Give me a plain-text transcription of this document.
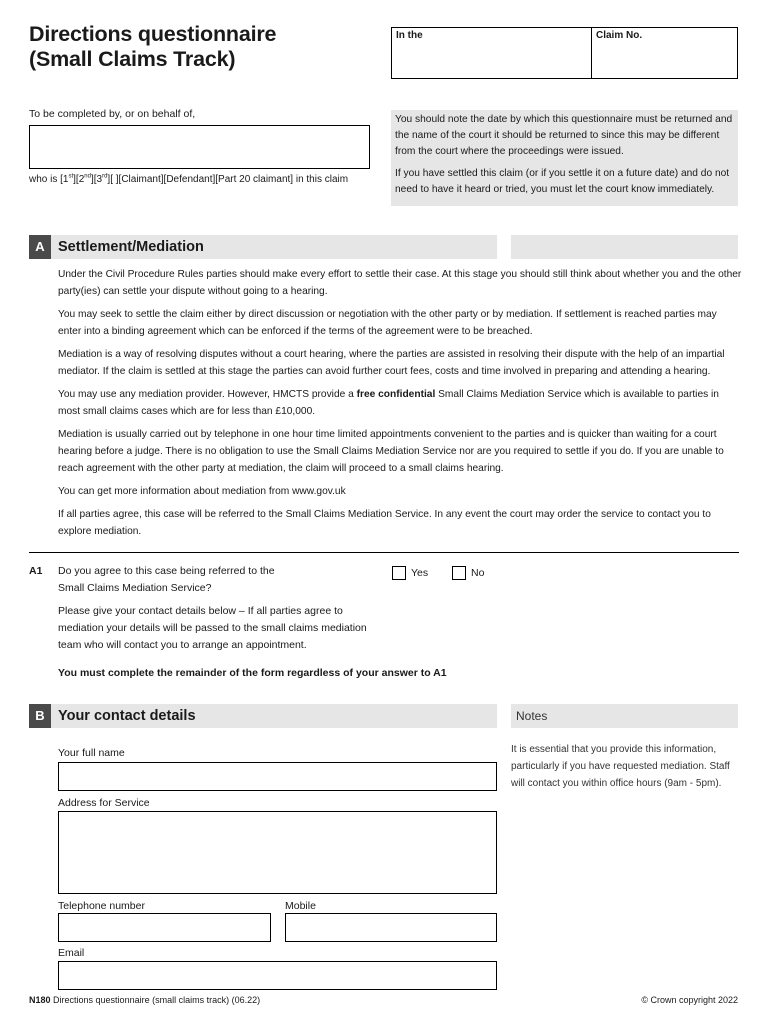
Directions questionnaire
(Small Claims Track)
In the	Claim No.
To be completed by, or on behalf of,
who is [1st][2nd][3rd][ ][Claimant][Defendant][Part 20 claimant] in this claim

You should note the date by which this questionnaire must be returned and the name of the court it should be returned to since this may be different from the court where the proceedings were issued.

If you have settled this claim (or if you settle it on a future date) and do not need to have it heard or tried, you must let the court know immediately.

A Settlement/Mediation

Under the Civil Procedure Rules parties should make every effort to settle their case. At this stage you should still think about whether you and the other party(ies) can settle your dispute without going to a hearing.

You may seek to settle the claim either by direct discussion or negotiation with the other party or by mediation. If settlement is reached parties may enter into a binding agreement which can be enforced if the terms of the agreement were to be breached.

Mediation is a way of resolving disputes without a court hearing, where the parties are assisted in resolving their dispute with the help of an impartial mediator. If the claim is settled at this stage the parties can avoid further court fees, costs and time involved in preparing and attending a hearing.

You may use any mediation provider. However, HMCTS provide a free confidential Small Claims Mediation Service which is available to parties in most small claims cases which are for less than £10,000.

Mediation is usually carried out by telephone in one hour time limited appointments convenient to the parties and is quicker than waiting for a court hearing before a judge. There is no obligation to use the Small Claims Mediation Service nor are you required to settle if you do. If you are unable to reach agreement with the other party at mediation, the claim will proceed to a small claims hearing.

You can get more information about mediation from www.gov.uk

If all parties agree, this case will be referred to the Small Claims Mediation Service. In any event the court may order the service to contact you to explore mediation.

A1 Do you agree to this case being referred to the Small Claims Mediation Service?
Yes	No
Please give your contact details below – If all parties agree to mediation your details will be passed to the small claims mediation team who will contact you to arrange an appointment.
You must complete the remainder of the form regardless of your answer to A1
B Your contact details	Notes
It is essential that you provide this information, particularly if you have requested mediation. Staff will contact you within office hours (9am - 5pm).
Your full name
Address for Service
Telephone number	Mobile
Email
N180 Directions questionnaire (small claims track) (06.22)	© Crown copyright 2022
